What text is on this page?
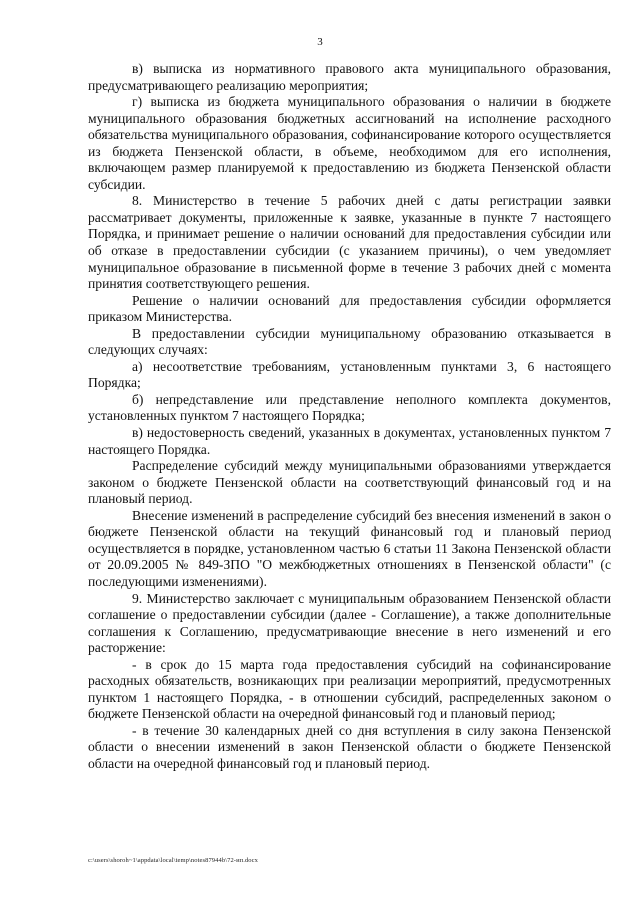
3

в) выписка из нормативного правового акта муниципального образования, предусматривающего реализацию мероприятия;

г) выписка из бюджета муниципального образования о наличии в бюджете муниципального образования бюджетных ассигнований на исполнение расходного обязательства муниципального образования, софинансирование которого осуществляется из бюджета Пензенской области, в объеме, необходимом для его исполнения, включающем размер планируемой к предоставлению из бюджета Пензенской области субсидии.

8. Министерство в течение 5 рабочих дней с даты регистрации заявки рассматривает документы, приложенные к заявке, указанные в пункте 7 настоящего Порядка, и принимает решение о наличии оснований для предоставления субсидии или об отказе в предоставлении субсидии (с указанием причины), о чем уведомляет муниципальное образование в письменной форме в течение 3 рабочих дней с момента принятия соответствующего решения.

Решение о наличии оснований для предоставления субсидии оформляется приказом Министерства.

В предоставлении субсидии муниципальному образованию отказывается в следующих случаях:

а) несоответствие требованиям, установленным пунктами 3, 6 настоящего Порядка;

б) непредставление или представление неполного комплекта документов, установленных пунктом 7 настоящего Порядка;

в) недостоверность сведений, указанных в документах, установленных пунктом 7 настоящего Порядка.

Распределение субсидий между муниципальными образованиями утверждается законом о бюджете Пензенской области на соответствующий финансовый год и на плановый период.

Внесение изменений в распределение субсидий без внесения изменений в закон о бюджете Пензенской области на текущий финансовый год и плановый период осуществляется в порядке, установленном частью 6 статьи 11 Закона Пензенской области от 20.09.2005 № 849-ЗПО "О межбюджетных отношениях в Пензенской области" (с последующими изменениями).

9. Министерство заключает с муниципальным образованием Пензенской области соглашение о предоставлении субсидии (далее - Соглашение), а также дополнительные соглашения к Соглашению, предусматривающие внесение в него изменений и его расторжение:

- в срок до 15 марта года предоставления субсидий на софинансирование расходных обязательств, возникающих при реализации мероприятий, предусмотренных пунктом 1 настоящего Порядка, - в отношении субсидий, распределенных законом о бюджете Пензенской области на очередной финансовый год и плановый период;

- в течение 30 календарных дней со дня вступления в силу закона Пензенской области о внесении изменений в закон Пензенской области о бюджете Пензенской области на очередной финансовый год и плановый период.

c:\users\shoroh~1\appdata\local\temp\notes87944b\72-ип.docx
